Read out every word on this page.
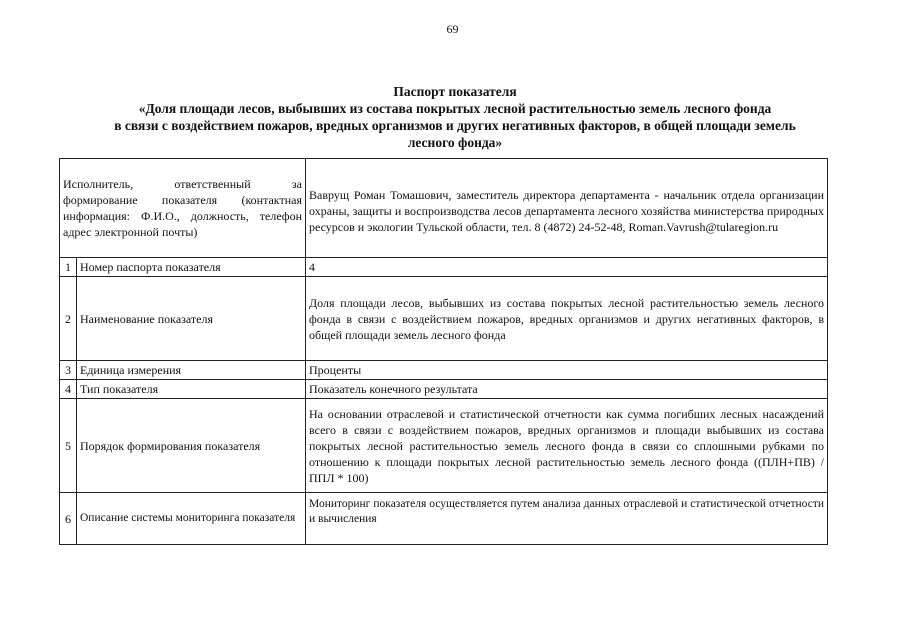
69
Паспорт показателя
«Доля площади лесов, выбывших из состава покрытых лесной растительностью земель лесного фонда
в связи с воздействием пожаров, вредных организмов и других негативных факторов, в общей площади земель
лесного фонда»
Исполнитель, ответственный за формирование показателя (контактная информация: Ф.И.О., должность, телефон адрес электронной почты)		Ваврущ Роман Томашович, заместитель директора департамента - начальник отдела организации охраны, защиты и воспроизводства лесов департамента лесного хозяйства министерства природных ресурсов и экологии Тульской области, тел. 8 (4872) 24-52-48, Roman.Vavrush@tularegion.ru
1	Номер паспорта показателя	4
2	Наименование показателя	Доля площади лесов, выбывших из состава покрытых лесной растительностью земель лесного фонда в связи с воздействием пожаров, вредных организмов и других негативных факторов, в общей площади земель лесного фонда
3	Единица измерения	Проценты
4	Тип показателя	Показатель конечного результата
5	Порядок формирования показателя	На основании отраслевой и статистической отчетности как сумма погибших лесных насаждений всего в связи с воздействием пожаров, вредных организмов и площади выбывших из состава покрытых лесной растительностью земель лесного фонда в связи со сплошными рубками по отношению к площади покрытых лесной растительностью земель лесного фонда ((ПЛН+ПВ) / ППЛ * 100)
6	Описание системы мониторинга показателя	Мониторинг показателя осуществляется путем анализа данных отраслевой и статистической отчетности и вычисления
